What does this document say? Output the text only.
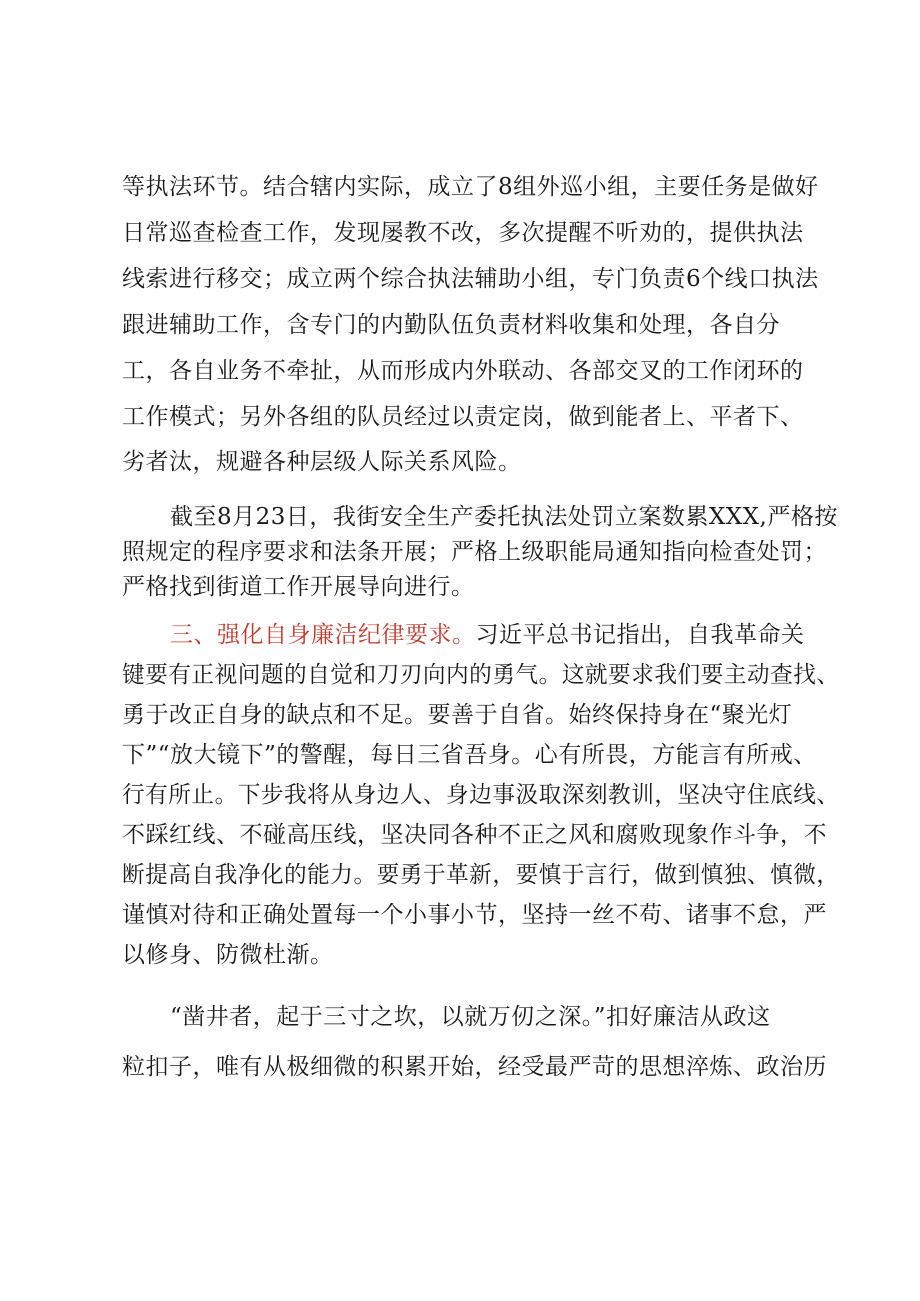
等执法环节。结合辖内实际，成立了8组外巡小组，主要任务是做好
日常巡查检查工作，发现屡教不改，多次提醒不听劝的，提供执法
线索进行移交；成立两个综合执法辅助小组，专门负责6个线口执法
跟进辅助工作，含专门的内勤队伍负责材料收集和处理，各自分
工，各自业务不牵扯，从而形成内外联动、各部交叉的工作闭环的
工作模式；另外各组的队员经过以责定岗，做到能者上、平者下、
劣者汰，规避各种层级人际关系风险。
截至8月23日，我街安全生产委托执法处罚立案数累XXX,严格按
照规定的程序要求和法条开展；严格上级职能局通知指向检查处罚；
严格找到街道工作开展导向进行。
三、强化自身廉洁纪律要求。习近平总书记指出，自我革命关
键要有正视问题的自觉和刀刃向内的勇气。这就要求我们要主动查找、
勇于改正自身的缺点和不足。要善于自省。始终保持身在“聚光灯
下”“放大镜下”的警醒，每日三省吾身。心有所畏，方能言有所戒、
行有所止。下步我将从身边人、身边事汲取深刻教训，坚决守住底线、
不踩红线、不碰高压线，坚决同各种不正之风和腐败现象作斗争，不
断提高自我净化的能力。要勇于革新，要慎于言行，做到慎独、慎微，
谨慎对待和正确处置每一个小事小节，坚持一丝不苟、诸事不怠，严
以修身、防微杜渐。
“凿井者，起于三寸之坎，以就万仞之深。”扣好廉洁从政这
粒扣子，唯有从极细微的积累开始，经受最严苛的思想淬炼、政治历
